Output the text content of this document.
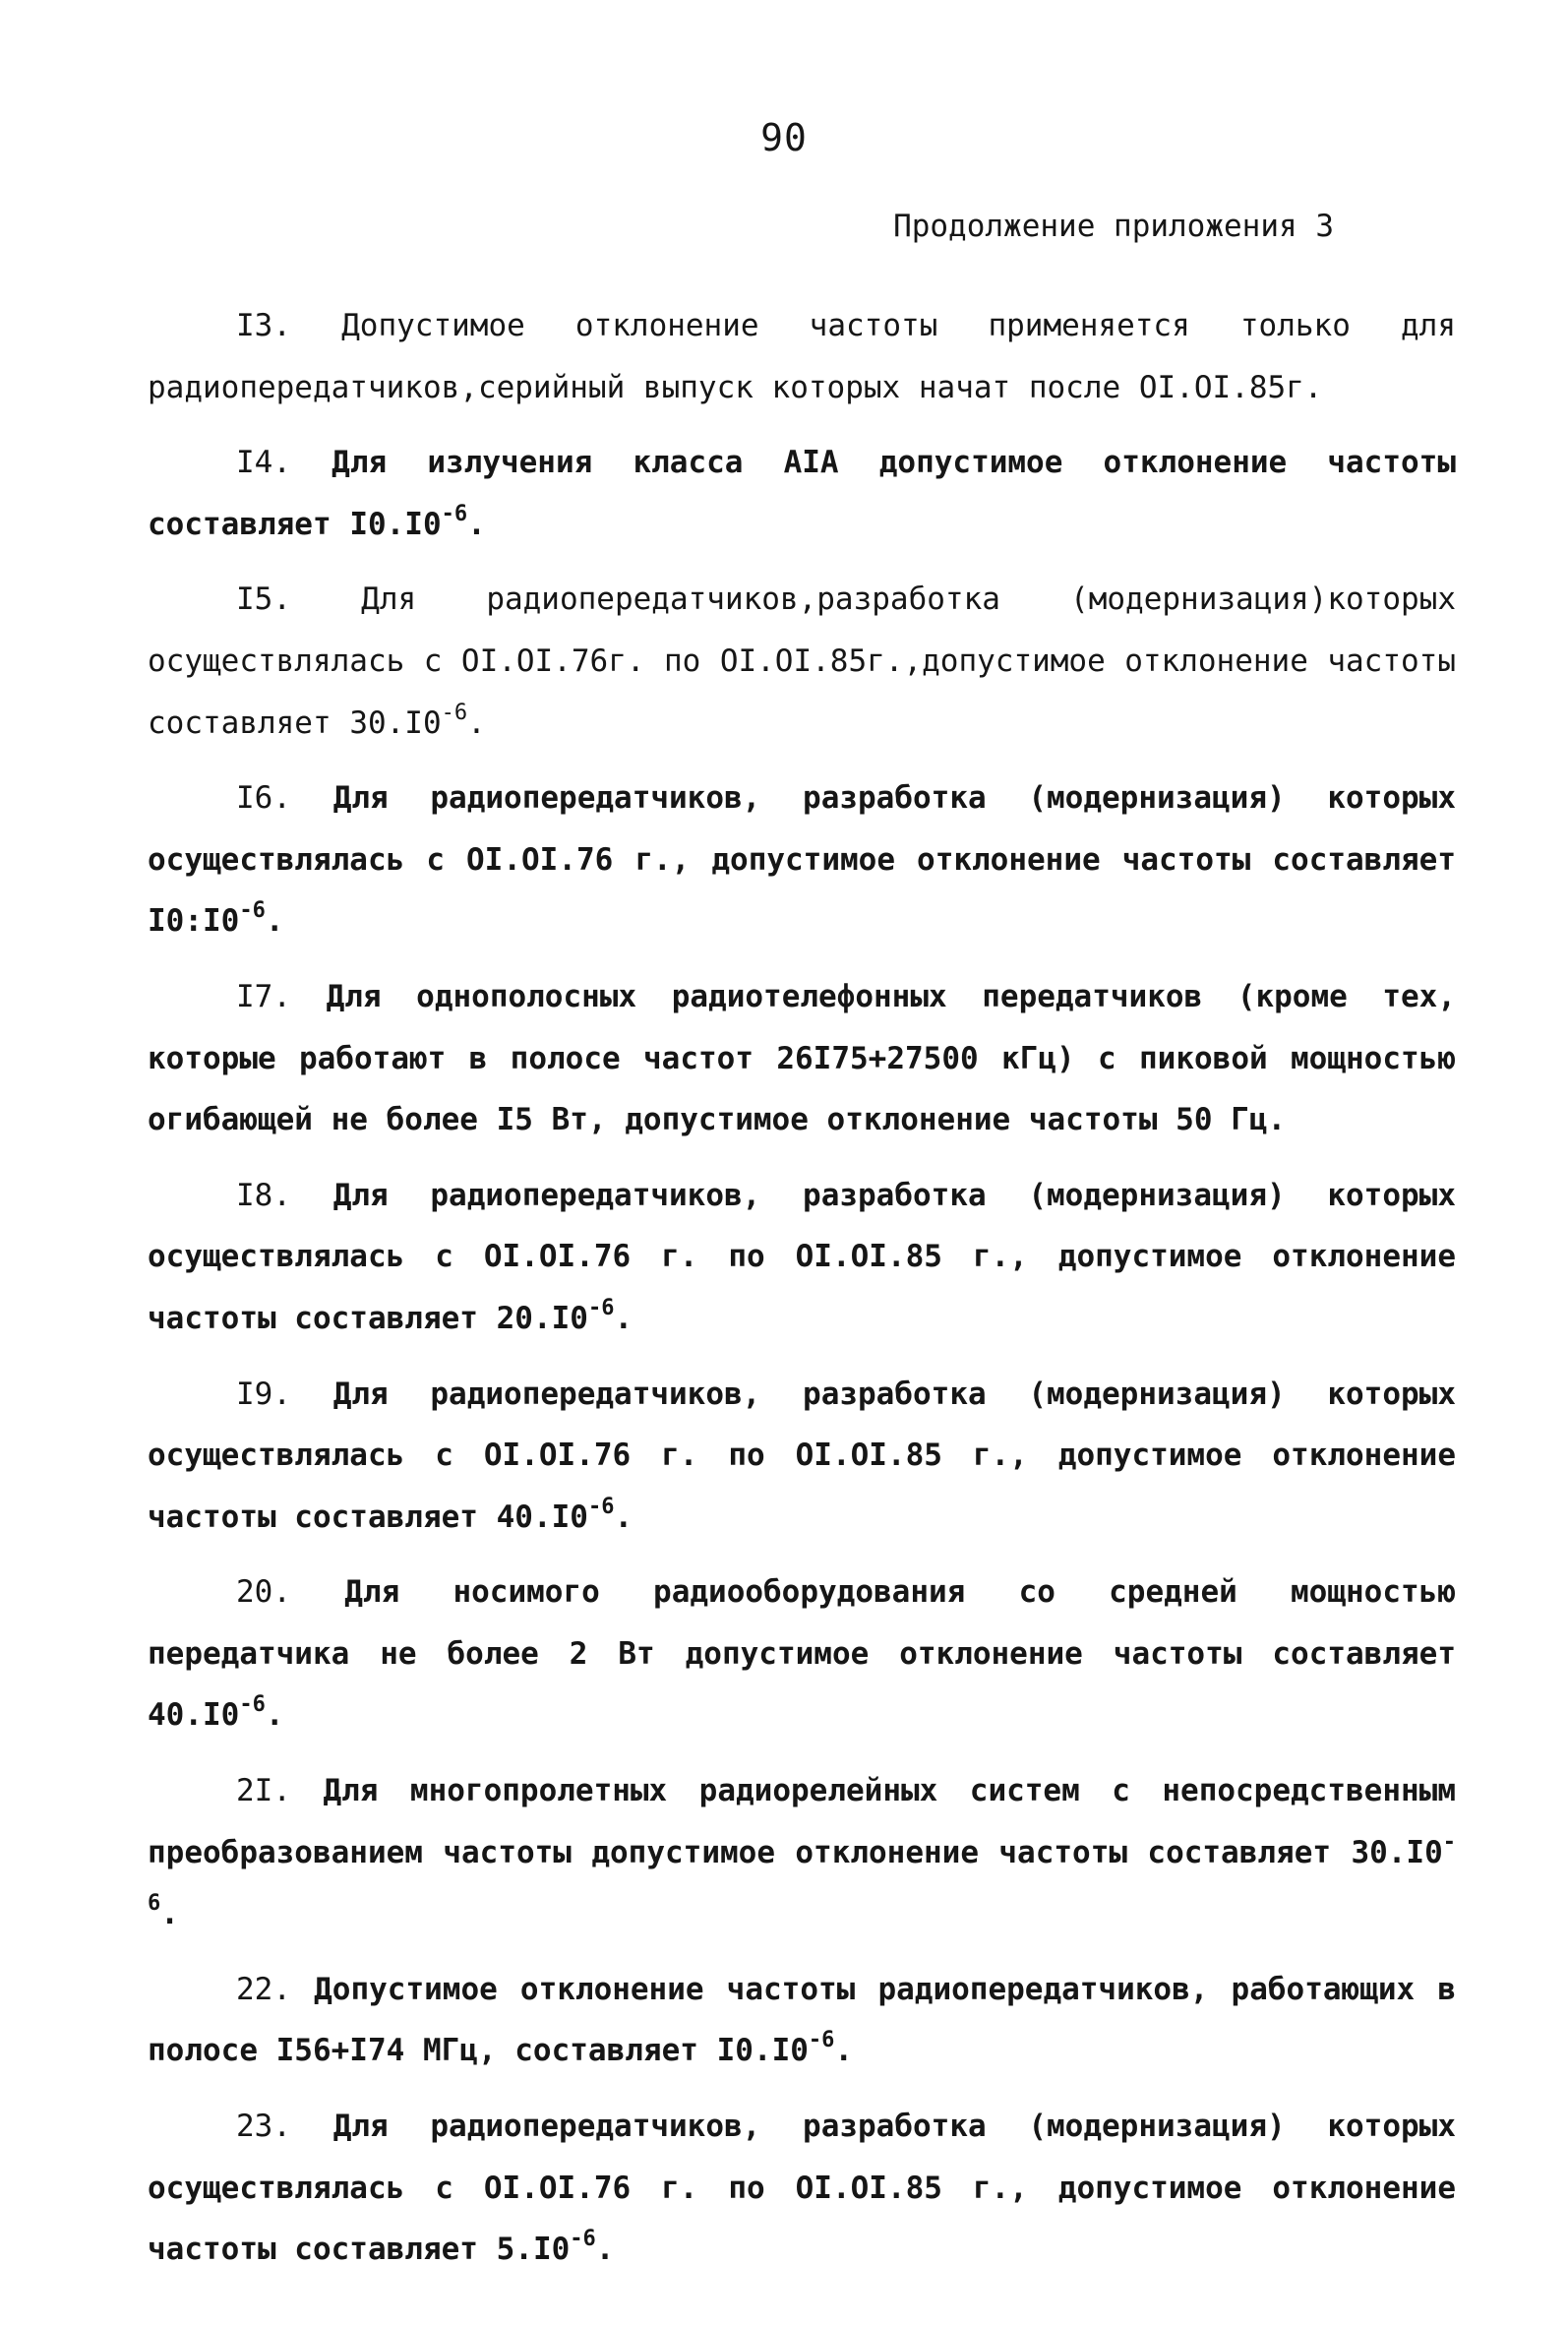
90
Продолжение приложения 3

I3. Допустимое отклонение частоты применяется только для радиопередатчиков,серийный выпуск которых начат после OI.OI.85г.

I4. Для излучения класса AIA допустимое отклонение частоты составляет $I0.I0^{-6}$.

I5. Для радиопередатчиков,разработка (модернизация)которых осуществлялась с OI.OI.76г. по OI.OI.85г.,допустимое отклонение частоты составляет $30.I0^{-6}$.

I6. Для радиопередатчиков, разработка (модернизация) которых осуществлялась с OI.OI.76 г., допустимое отклонение частоты составляет $I0:I0^{-6}$.

I7. Для однополосных радиотелефонных передатчиков (кроме тех, которые работают в полосе частот 26I75+27500 кГц) с пиковой мощностью огибающей не более I5 Вт, допустимое отклонение частоты 50 Гц.

I8. Для радиопередатчиков, разработка (модернизация) которых осуществлялась с OI.OI.76 г. по OI.OI.85 г., допустимое отклонение частоты составляет $20.I0^{-6}$.

I9. Для радиопередатчиков, разработка (модернизация) которых осуществлялась с OI.OI.76 г. по OI.OI.85 г., допустимое отклонение частоты составляет $40.I0^{-6}$.

20. Для носимого радиооборудования со средней мощностью передатчика не более 2 Вт допустимое отклонение частоты составляет $40.I0^{-6}$.

2I. Для многопролетных радиорелейных систем с непосредственным преобразованием частоты допустимое отклонение частоты составляет $30.I0^{-6}$.

22. Допустимое отклонение частоты радиопередатчиков, работающих в полосе I56+I74 МГц, составляет $I0.I0^{-6}$.

23. Для радиопередатчиков, разработка (модернизация) которых осуществлялась с OI.OI.76 г. по OI.OI.85 г., допустимое отклонение частоты составляет $5.I0^{-6}$.
